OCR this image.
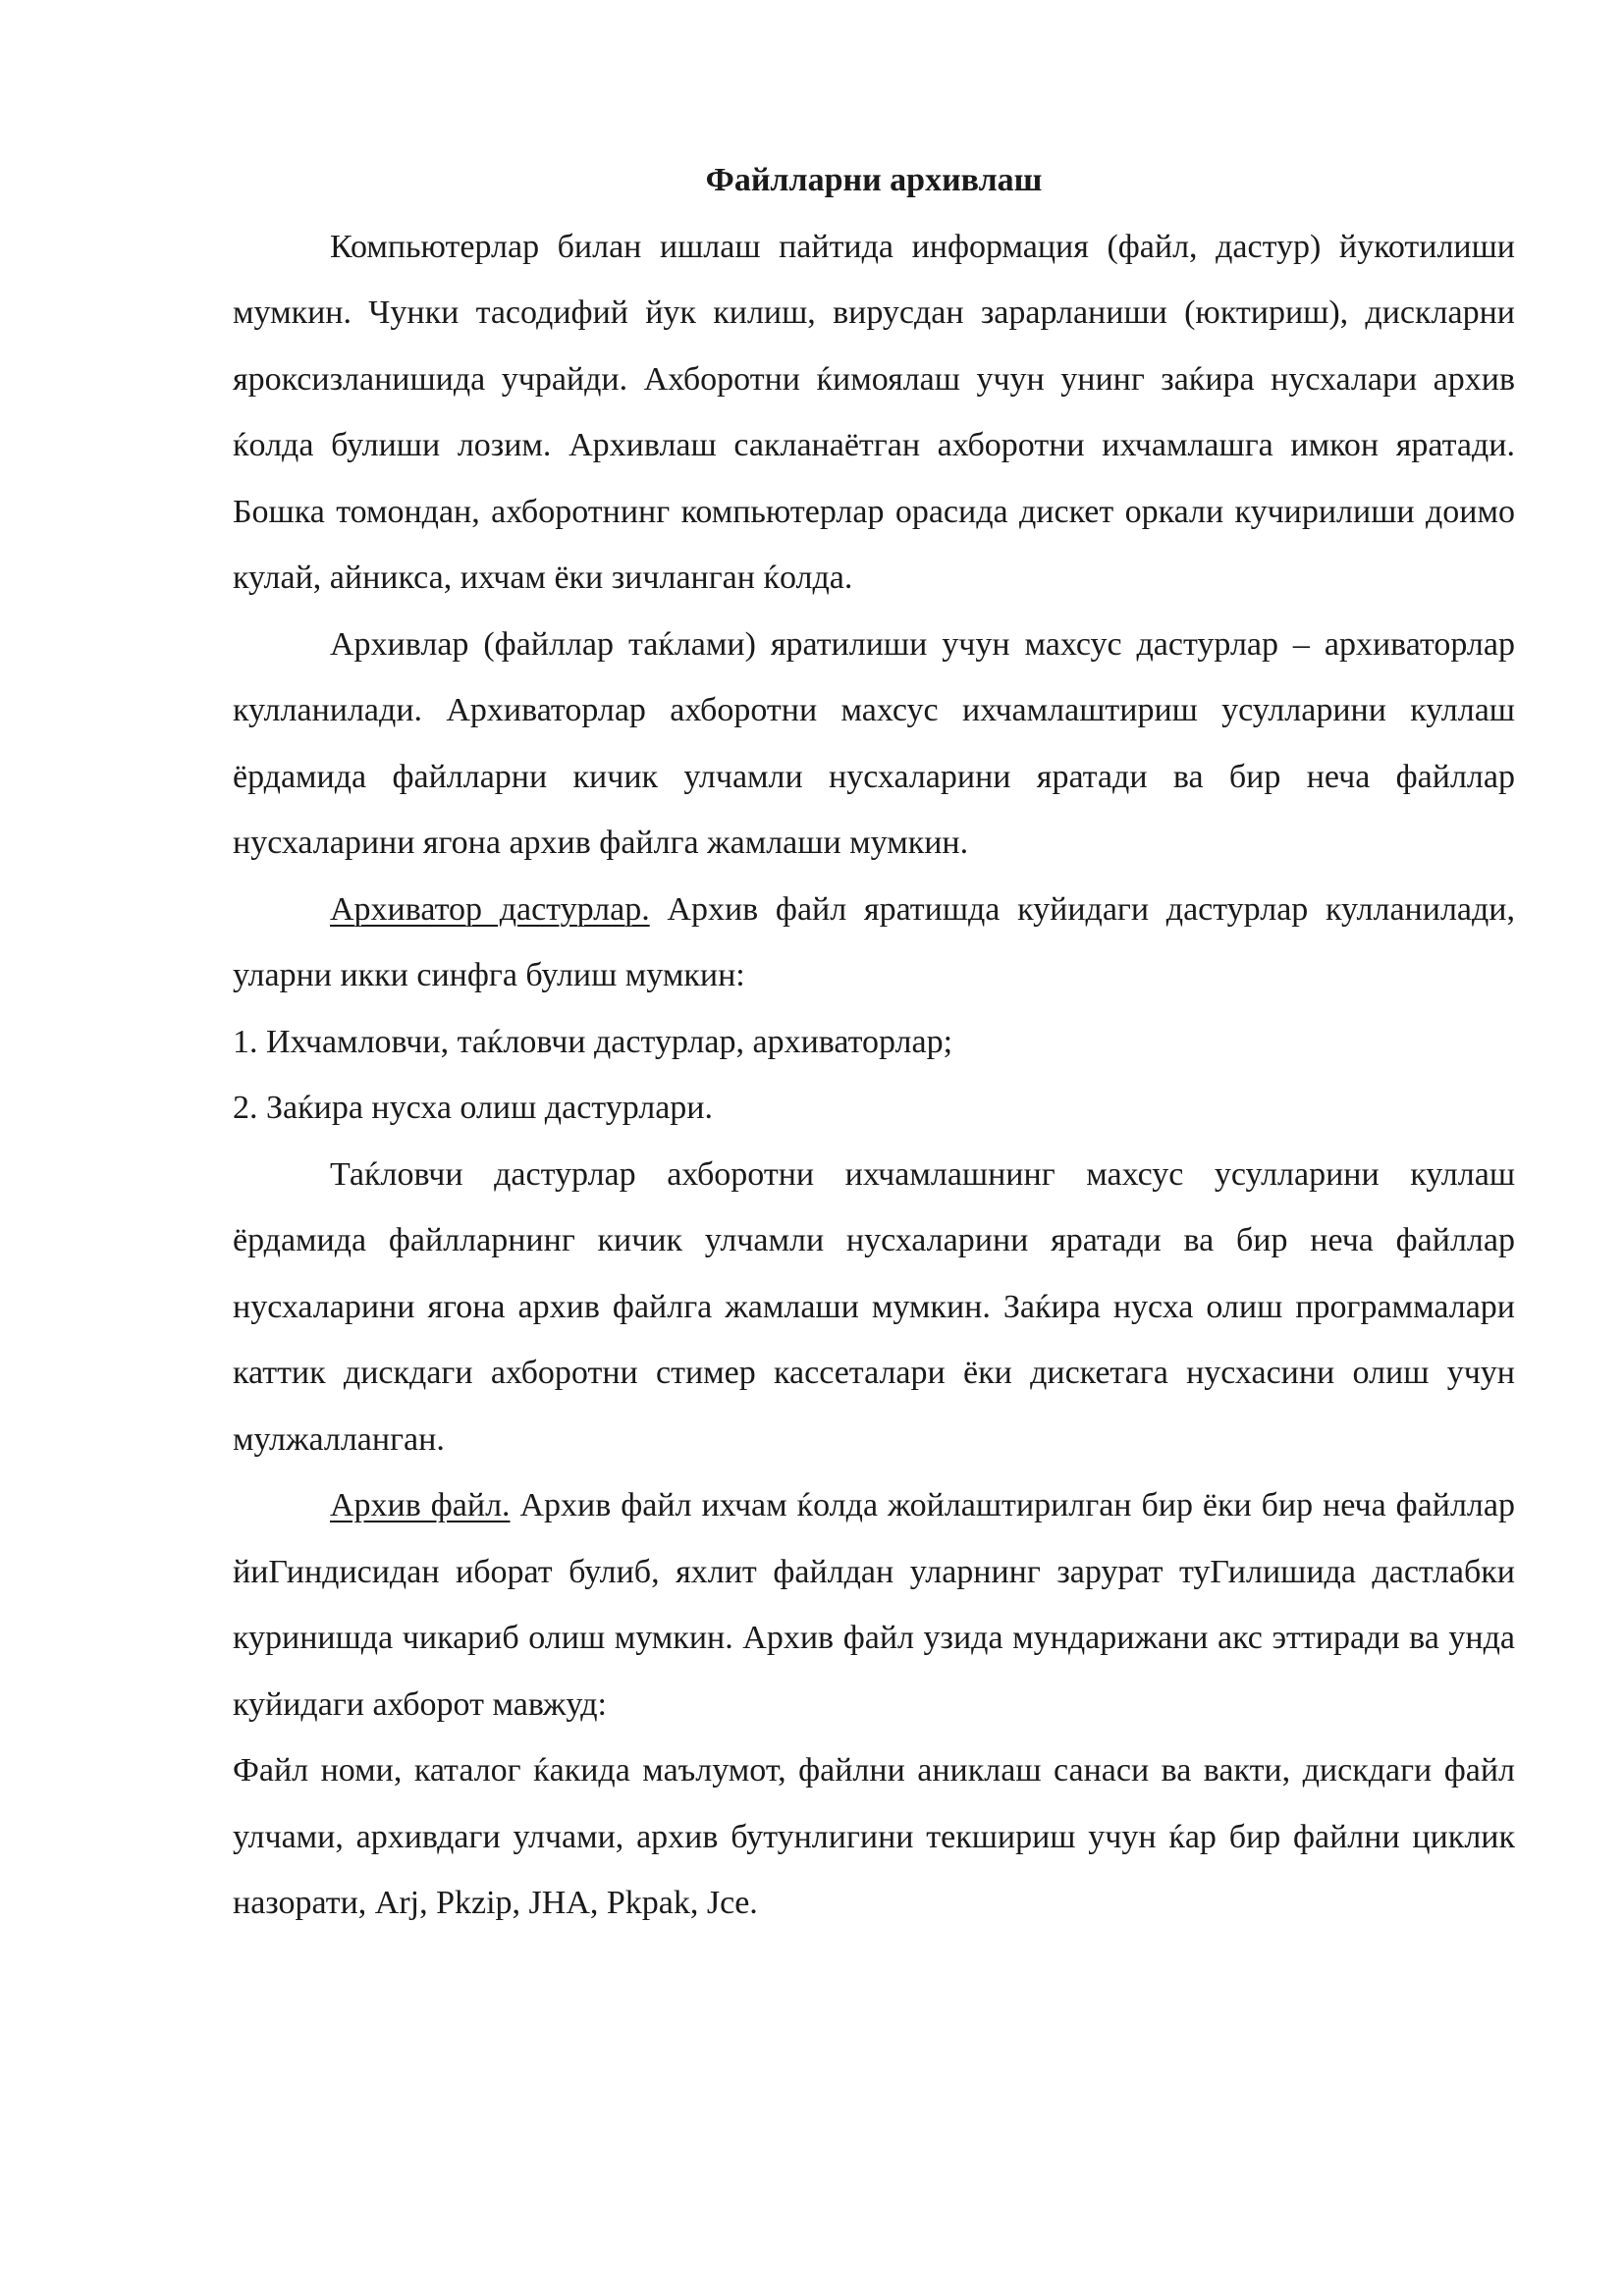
Файлларни архивлаш

Компьютерлар билан ишлаш пайтида информация (файл, дастур) йукотилиши мумкин. Чунки тасодифий йук килиш, вирусдан зарарланиши (юктириш), дискларни яроксизланишида учрайди. Ахборотни ќимоялаш учун унинг заќира нусхалари архив ќолда булиши лозим. Архивлаш сакланаётган ахборотни ихчамлашга имкон яратади. Бошка томондан, ахборотнинг компьютерлар орасида дискет оркали кучирилиши доимо кулай, айникса, ихчам ёки зичланган ќолда.

Архивлар (файллар таќлами) яратилиши учун махсус дастурлар – архиваторлар кулланилади. Архиваторлар ахборотни махсус ихчамлаштириш усулларини куллаш ёрдамида файлларни кичик улчамли нусхаларини яратади ва бир неча файллар нусхаларини ягона архив файлга жамлаши мумкин.

Архиватор дастурлар. Архив файл яратишда куйидаги дастурлар кулланилади, уларни икки синфга булиш мумкин:

1. Ихчамловчи, таќловчи дастурлар, архиваторлар;

2. Заќира нусха олиш дастурлари.

Таќловчи дастурлар ахборотни ихчамлашнинг махсус усулларини куллаш ёрдамида файлларнинг кичик улчамли нусхаларини яратади ва бир неча файллар нусхаларини ягона архив файлга жамлаши мумкин. Заќира нусха олиш программалари каттик дискдаги ахборотни стимер кассеталари ёки дискетага нусхасини олиш учун мулжалланган.

Архив файл. Архив файл ихчам ќолда жойлаштирилган бир ёки бир неча файллар йиГиндисидан иборат булиб, яхлит файлдан уларнинг зарурат туГилишида дастлабки куринишда чикариб олиш мумкин. Архив файл узида мундарижани акс эттиради ва унда куйидаги ахборот мавжуд:

Файл номи, каталог ќакида маълумот, файлни аниклаш санаси ва вакти, дискдаги файл улчами, архивдаги улчами, архив бутунлигини текшириш учун ќар бир файлни циклик назорати, Arj, Pkzip, JHA, Pkpak, Jce.
